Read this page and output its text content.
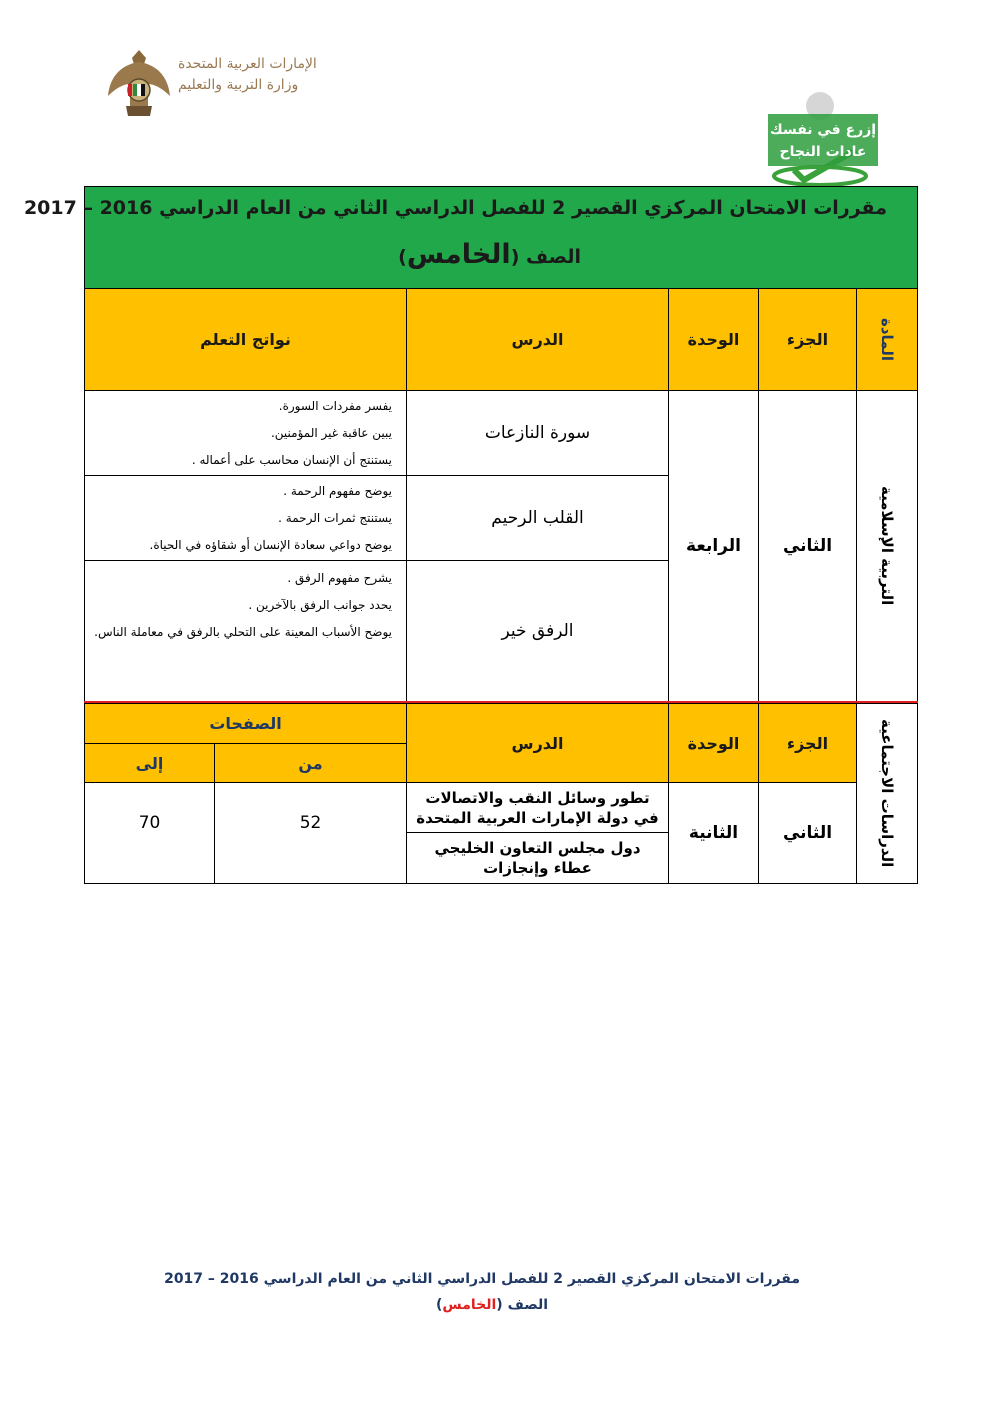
الإمارات العربية المتحدة
وزارة التربية والتعليم
إزرع في نفسك
عادات النجاح
مقررات الامتحان المركزي القصير 2 للفصل الدراسي الثاني من العام الدراسي 2016 – 2017
الصف (الخامس)
المادة
الجزء
الوحدة
الدرس
نواتج التعلم
التربية الإسلامية
الثاني
الرابعة
سورة النازعات
يفسر مفردات السورة.
يبين عاقبة غير المؤمنين.
يستنتج أن الإنسان محاسب على أعماله .
القلب الرحيم
يوضح مفهوم الرحمة .
يستنتج ثمرات الرحمة .
يوضح دواعي سعادة الإنسان أو شقاؤه في الحياة.
الرفق خير
يشرح مفهوم الرفق .
يحدد جوانب الرفق بالآخرين .
يوضح الأسباب المعينة على التحلي بالرفق في معاملة الناس.
الدراسات الاجتماعية
الجزء
الوحدة
الدرس
الصفحات
من
إلى
الثاني
الثانية
تطور وسائل النقب والاتصالات في دولة الإمارات العربية المتحدة
دول مجلس التعاون الخليجي عطاء وإنجازات
52
70
مقررات الامتحان المركزي القصير 2 للفصل الدراسي الثاني من العام الدراسي 2016 – 2017
الصف (الخامس)
